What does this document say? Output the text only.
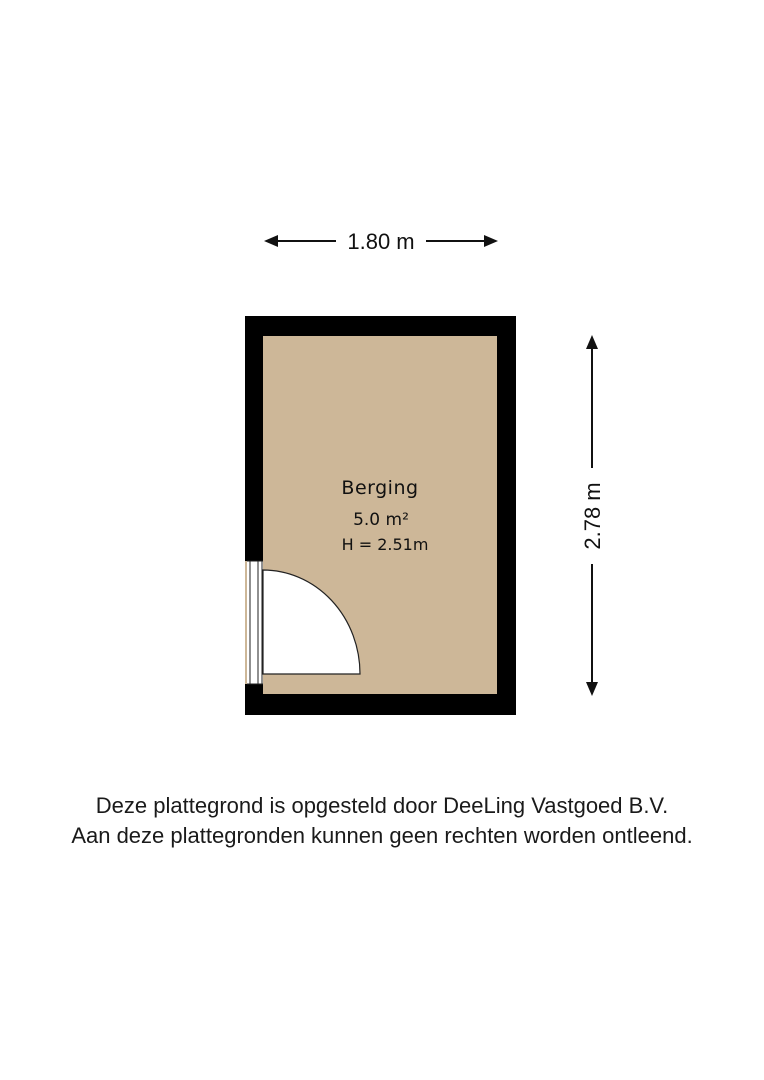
1.80 m
2.78 m
Berging
5.0 m²
H = 2.51m
Deze plattegrond is opgesteld door DeeLing Vastgoed B.V.
Aan deze plattegronden kunnen geen rechten worden ontleend.
